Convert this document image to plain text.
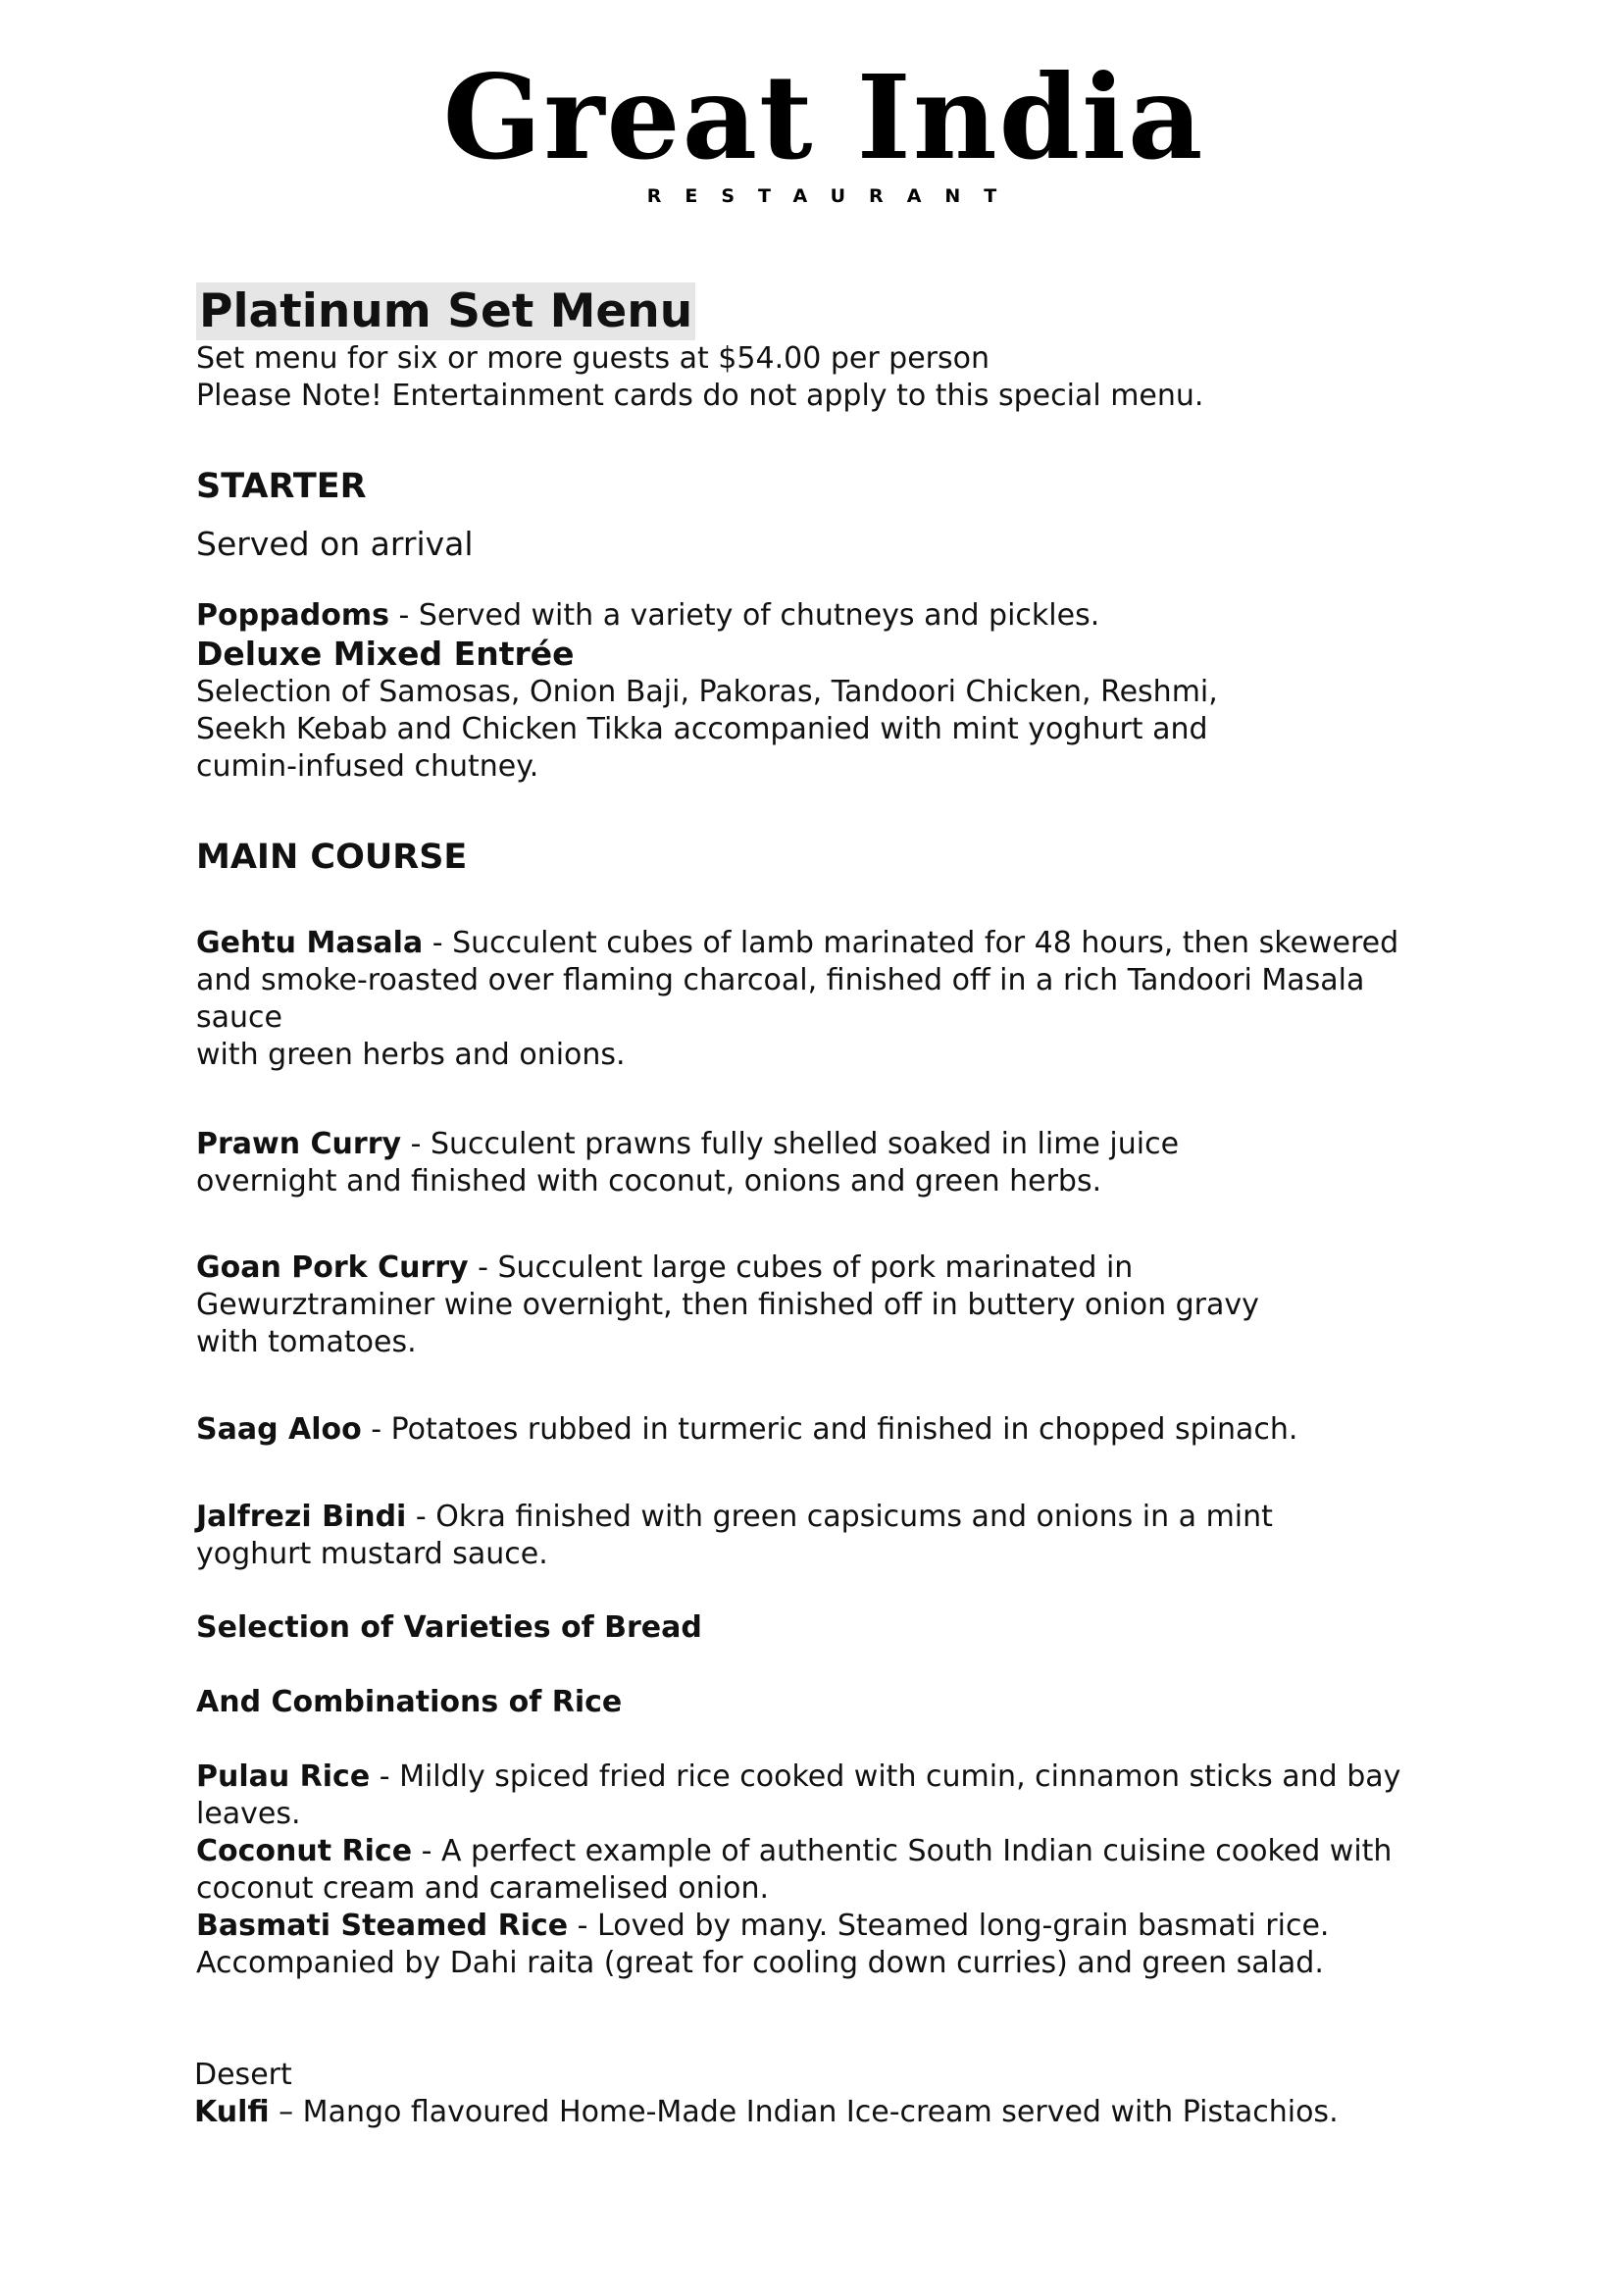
Great India
RESTAURANT

Platinum Set Menu

Set menu for six or more guests at $54.00 per person

Please Note! Entertainment cards do not apply to this special menu.

STARTER

Served on arrival

Poppadoms - Served with a variety of chutneys and pickles.

Deluxe Mixed Entrée

Selection of Samosas, Onion Baji, Pakoras, Tandoori Chicken, Reshmi,

Seekh Kebab and Chicken Tikka accompanied with mint yoghurt and

cumin-infused chutney.

MAIN COURSE

Gehtu Masala - Succulent cubes of lamb marinated for 48 hours, then skewered

and smoke-roasted over flaming charcoal, finished off in a rich Tandoori Masala

sauce

with green herbs and onions.

Prawn Curry - Succulent prawns fully shelled soaked in lime juice

overnight and finished with coconut, onions and green herbs.

Goan Pork Curry - Succulent large cubes of pork marinated in

Gewurztraminer wine overnight, then finished off in buttery onion gravy

with tomatoes.

Saag Aloo - Potatoes rubbed in turmeric and finished in chopped spinach.

Jalfrezi Bindi - Okra finished with green capsicums and onions in a mint

yoghurt mustard sauce.

Selection of Varieties of Bread

And Combinations of Rice

Pulau Rice - Mildly spiced fried rice cooked with cumin, cinnamon sticks and bay

leaves.

Coconut Rice - A perfect example of authentic South Indian cuisine cooked with

coconut cream and caramelised onion.

Basmati Steamed Rice - Loved by many. Steamed long-grain basmati rice.

Accompanied by Dahi raita (great for cooling down curries) and green salad.

Desert

Kulfi – Mango flavoured Home-Made Indian Ice-cream served with Pistachios.
